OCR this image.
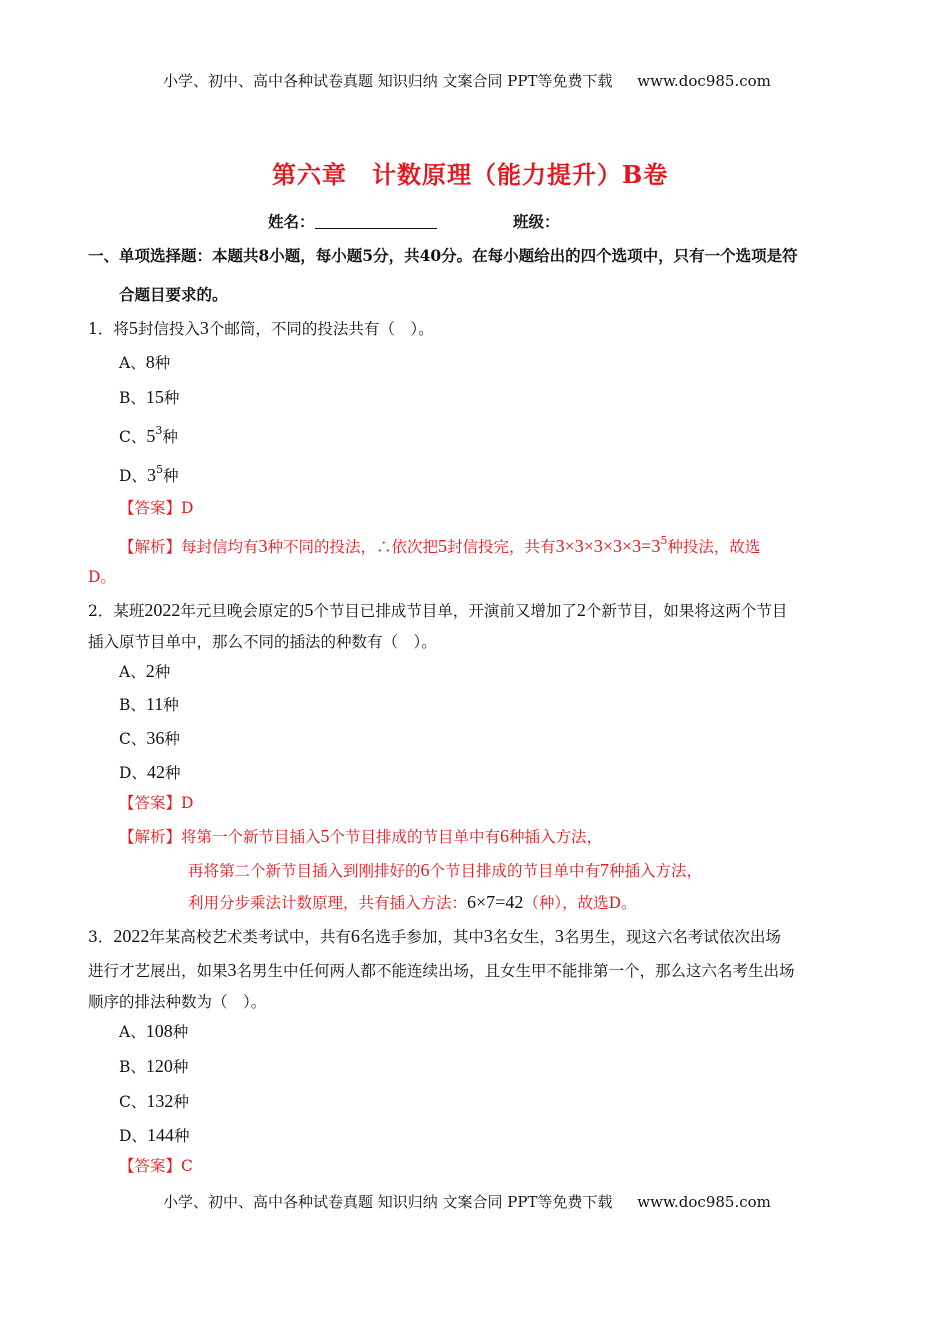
小学、初中、高中各种试卷真题 知识归纳 文案合同 PPT等免费下载 www.doc985.com
第六章　计数原理（能力提升）B卷
姓名：	班级：
一、单项选择题：本题共8小题，每小题5分，共40分。在每小题给出的四个选项中，只有一个选项是符
合题目要求的。
1．将5封信投入3个邮筒，不同的投法共有（　）。
A、8种
B、15种
C、$5^3$种
D、$3^5$种
【答案】D
【解析】每封信均有3种不同的投法，∴依次把5封信投完，共有$3\times 3\times 3\times 3\times 3=3^5$种投法，故选
D。
2．某班2022年元旦晚会原定的5个节目已排成节目单，开演前又增加了2个新节目，如果将这两个节目
插入原节目单中，那么不同的插法的种数有（　）。
A、2种
B、11种
C、36种
D、42种
【答案】D
【解析】将第一个新节目插入5个节目排成的节目单中有6种插入方法，
再将第二个新节目插入到刚排好的6个节目排成的节目单中有7种插入方法，
利用分步乘法计数原理，共有插入方法：6×7=42（种），故选D。
3．2022年某高校艺术类考试中，共有6名选手参加，其中3名女生，3名男生，现这六名考试依次出场
进行才艺展出，如果3名男生中任何两人都不能连续出场，且女生甲不能排第一个，那么这六名考生出场
顺序的排法种数为（　）。
A、108种
B、120种
C、132种
D、144种
【答案】C
小学、初中、高中各种试卷真题 知识归纳 文案合同 PPT等免费下载 www.doc985.com
